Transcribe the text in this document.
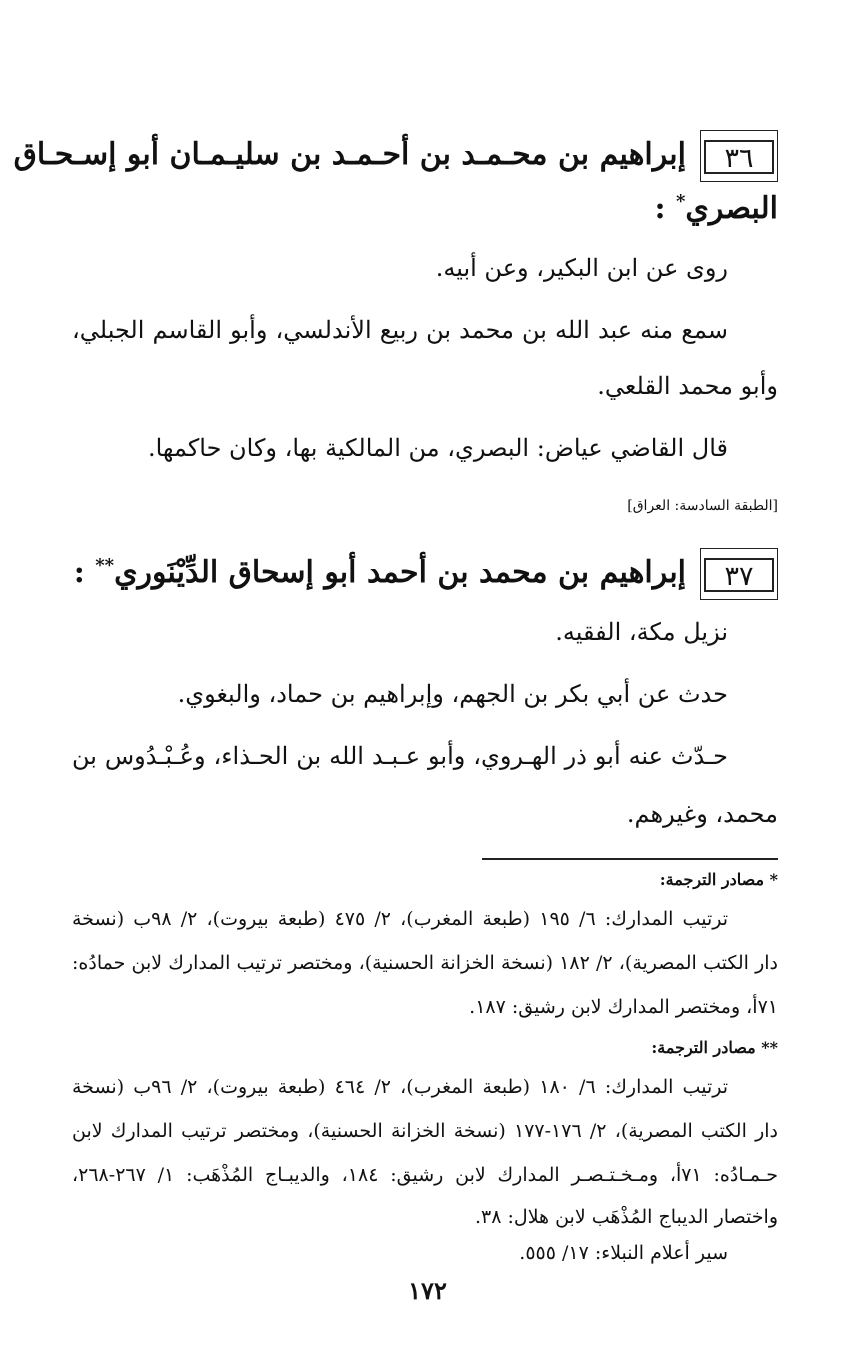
٣٦إبراهيم بن محـمـد بن أحـمـد بن سليـمـان أبو إسـحـاق
البصري* :
روى عن ابن البكير، وعن أبيه.
سمع منه عبد الله بن محمد بن ربيع الأندلسي، وأبو القاسم الجبلي،
وأبو محمد القلعي.
قال القاضي عياض: البصري، من المالكية بها، وكان حاكمها.
[الطبقة السادسة: العراق]
٣٧إبراهيم بن محمد بن أحمد أبو إسحاق الدِّيْنَوري** :
نزيل مكة، الفقيه.
حدث عن أبي بكر بن الجهم، وإبراهيم بن حماد، والبغوي.
حـدّث عنه أبو ذر الهـروي، وأبو عـبـد الله بن الحـذاء، وعُـبْـدُوس بن
محمد، وغيرهم.
* مصادر الترجمة:
ترتيب المدارك: ٦/ ١٩٥ (طبعة المغرب)، ٢/ ٤٧٥ (طبعة بيروت)، ٢/ ٩٨ب (نسخة
دار الكتب المصرية)، ٢/ ١٨٢ (نسخة الخزانة الحسنية)، ومختصر ترتيب المدارك لابن حمادُه:
٧١أ، ومختصر المدارك لابن رشيق: ١٨٧.
** مصادر الترجمة:
ترتيب المدارك: ٦/ ١٨٠ (طبعة المغرب)، ٢/ ٤٦٤ (طبعة بيروت)، ٢/ ٩٦ب (نسخة
دار الكتب المصرية)، ٢/ ١٧٦-١٧٧ (نسخة الخزانة الحسنية)، ومختصر ترتيب المدارك لابن
حـمـادُه: ٧١أ، ومـخـتـصـر المدارك لابن رشيق: ١٨٤، والديبـاج المُذْهَب: ١/ ٢٦٧-٢٦٨،
واختصار الديباج المُذْهَب لابن هلال: ٣٨.
سير أعلام النبلاء: ١٧/ ٥٥٥.
١٧٢
